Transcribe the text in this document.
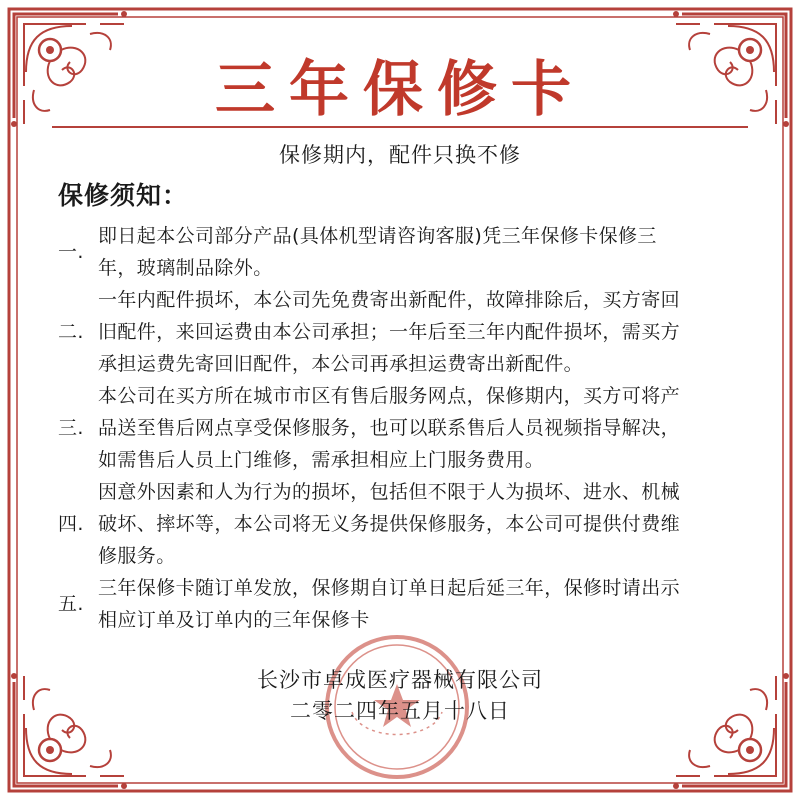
三年保修卡
保修期内，配件只换不修
保修须知：
一.
即日起本公司部分产品(具体机型请咨询客服)凭三年保修卡保修三
年，玻璃制品除外。
二.
一年内配件损坏，本公司先免费寄出新配件，故障排除后，买方寄回
旧配件，来回运费由本公司承担；一年后至三年内配件损坏，需买方
承担运费先寄回旧配件，本公司再承担运费寄出新配件。
三.
本公司在买方所在城市市区有售后服务网点，保修期内，买方可将产
品送至售后网点享受保修服务，也可以联系售后人员视频指导解决，
如需售后人员上门维修，需承担相应上门服务费用。
四.
因意外因素和人为行为的损坏，包括但不限于人为损坏、进水、机械
破坏、摔坏等，本公司将无义务提供保修服务，本公司可提供付费维
修服务。
五.
三年保修卡随订单发放，保修期自订单日起后延三年，保修时请出示
相应订单及订单内的三年保修卡
长沙市卓成医疗器械有限公司
二零二四年五月十八日
